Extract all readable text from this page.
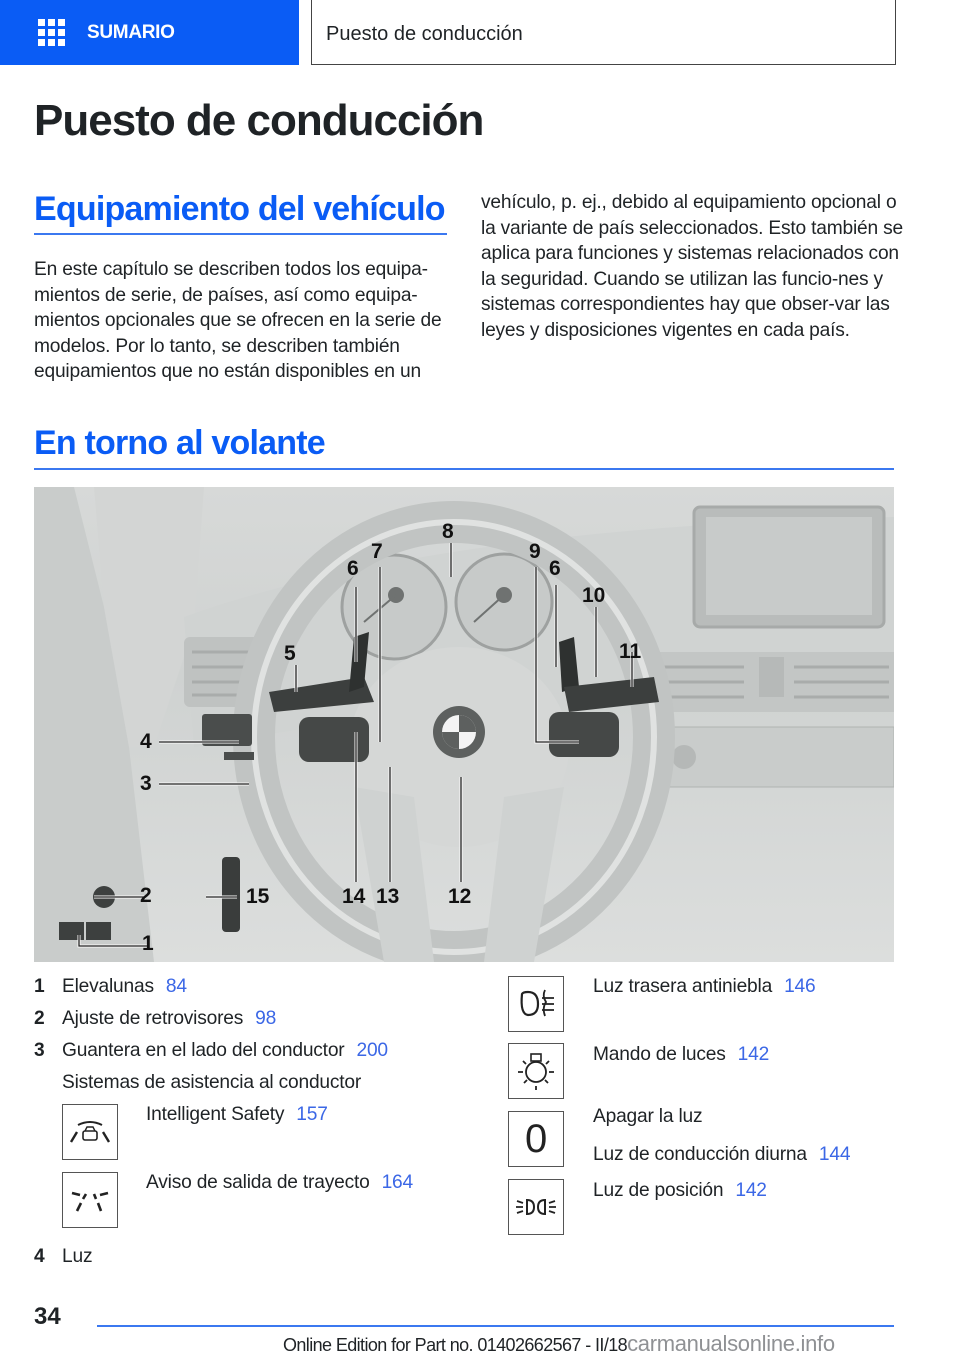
SUMARIO	Puesto de conducción
Puesto de conducción
Equipamiento del vehículo

En este capítulo se describen todos los equipa-mientos de serie, de países, así como equipa-mientos opcionales que se ofrecen en la serie de modelos. Por lo tanto, se describen también equipamientos que no están disponibles en un

vehículo, p. ej., debido al equipamiento opcional o la variante de país seleccionados. Esto también se aplica para funciones y sistemas relacionados con la seguridad. Cuando se utilizan las funcio-nes y sistemas correspondientes hay que obser-var las leyes y disposiciones vigentes en cada país.

En torno al volante
1
2
3
4
5
6
7
8
9
6
10
11
12
13
14
15
1 Elevalunas 84
2 Ajuste de retrovisores 98
3 Guantera en el lado del conductor 200
Sistemas de asistencia al conductor
Intelligent Safety 157
Aviso de salida de trayecto 164
4 Luz
Luz trasera antiniebla 146
Mando de luces 142
0 Apagar la luz
Luz de conducción diurna 144
Luz de posición 142
34
Online Edition for Part no. 01402662567 - II/18carmanualsonline.info
